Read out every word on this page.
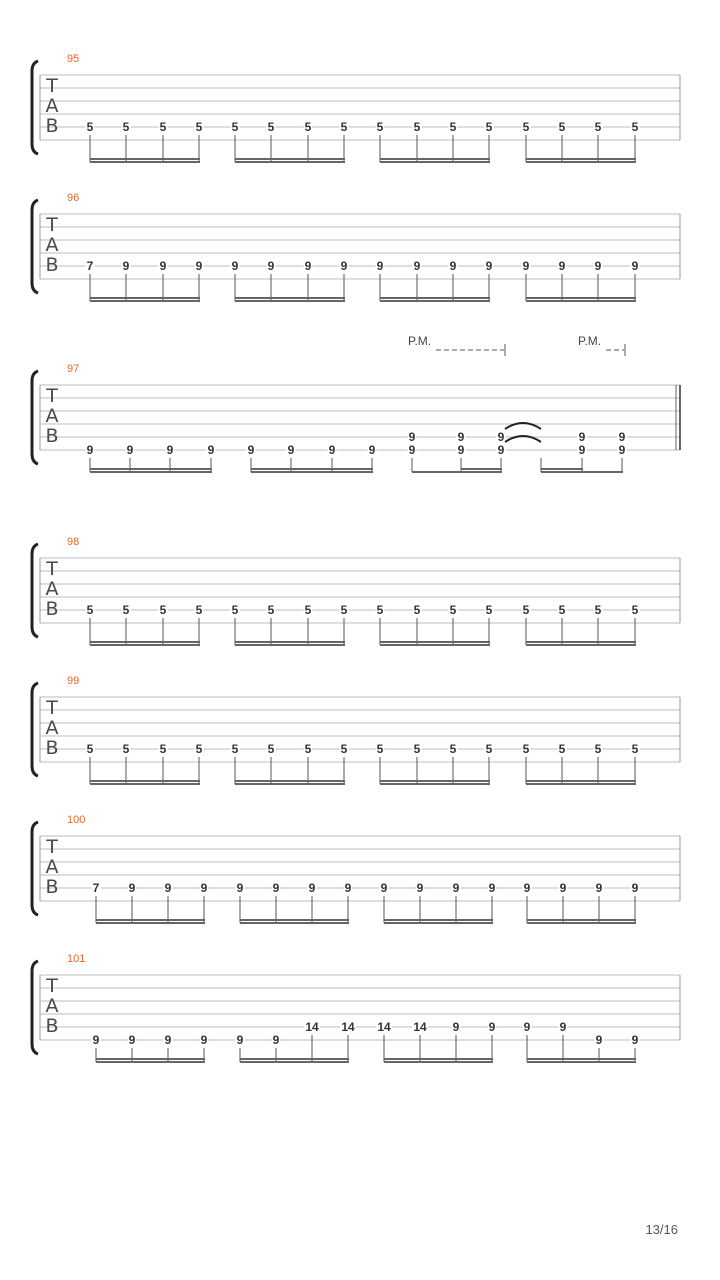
95
T
A
B 5 5	5 5 5 5	5 5 5	5 5 5	5 5 5	5
96
T
A
B 7 9	9 9 9 9	9 9 9	9 9 9	9 9 9	9
97
T
A
B
9	9	9	9	9	9	9	9
9
9
9
9
9
9
9
9
9
9
P.M.	P.M.
98
T
A
B 5 5	5 5 5 5	5 5 5	5 5 5	5 5 5	5
99
T
A
B 5 5	5 5 5 5	5 5 5	5 5 5	5 5 5	5
100
T
A
B	7 9 9 9 9 9 9 9 9 9 9 9 9 9 9 9
101
T
A
B
9 9 9 9 9 9
14 14 14 14 9 9 9 9
9 9
13/16
